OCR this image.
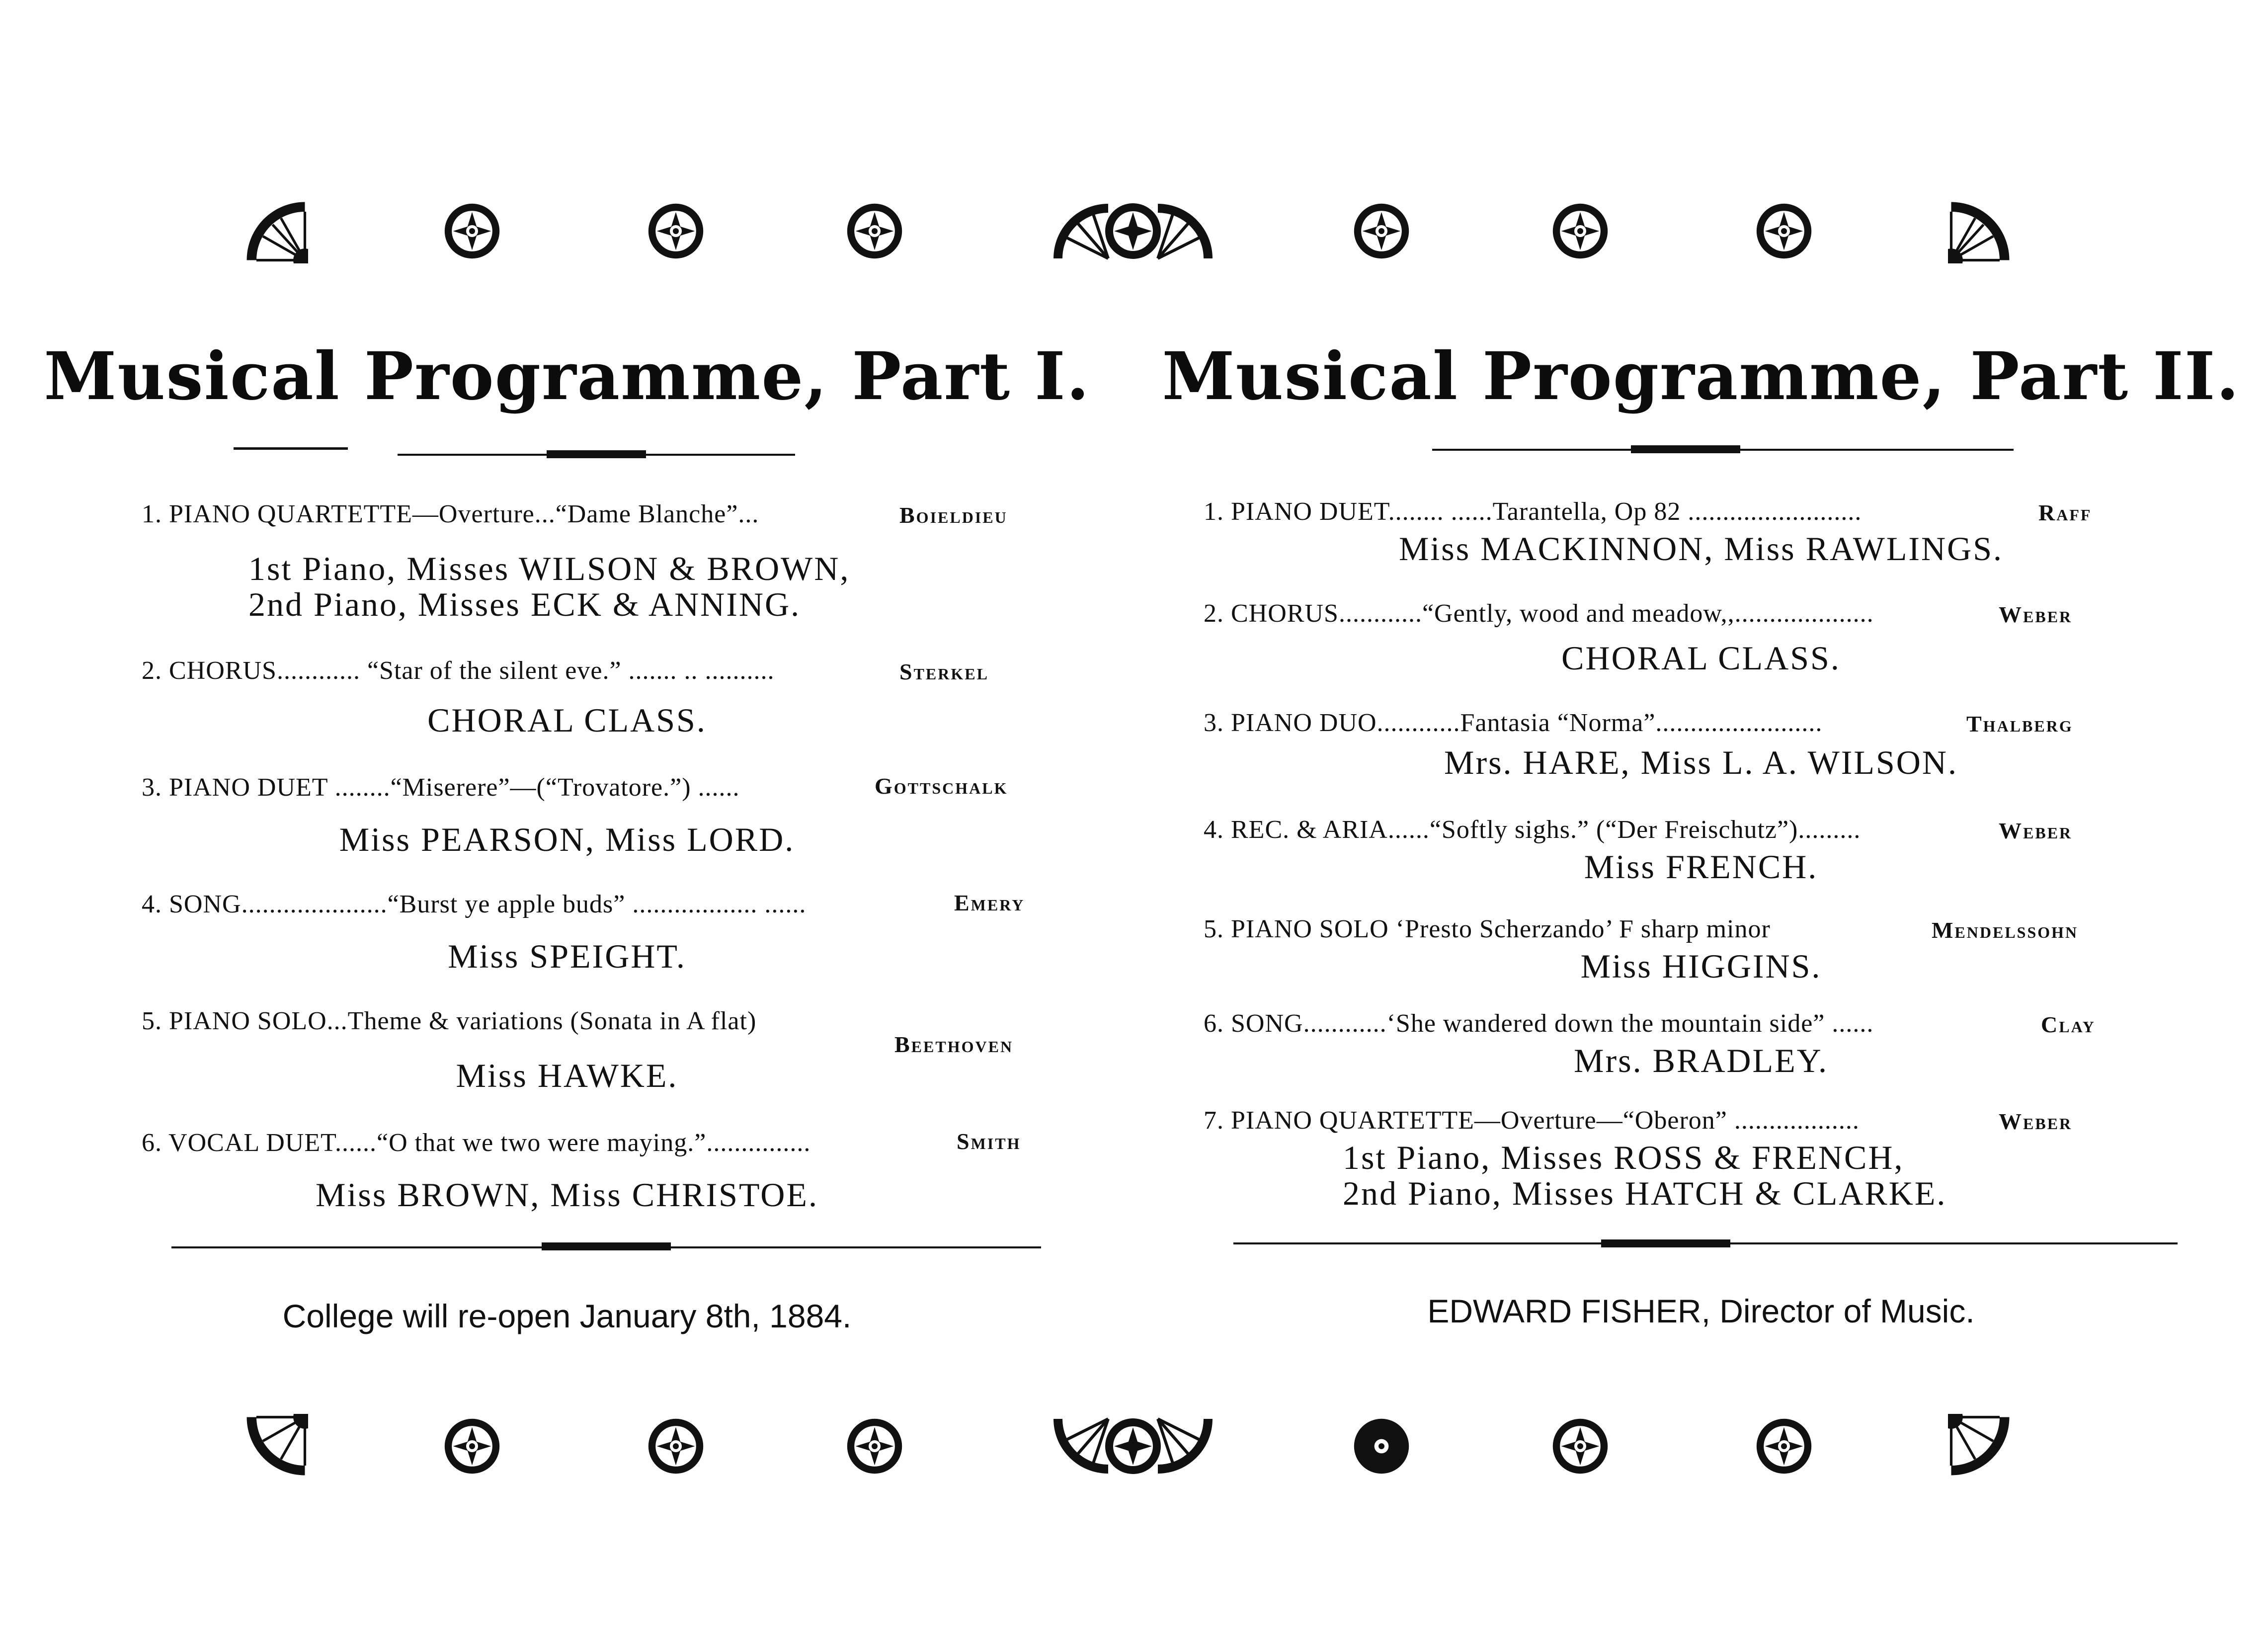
Musical Programme, Part I.
1. PIANO QUARTETTE—Overture...“Dame Blanche”...	Boieldieu
1st Piano, Misses WILSON & BROWN,
2nd Piano, Misses ECK & ANNING.
2. CHORUS............ “Star of the silent eve.” ....... .. ..........	Sterkel
CHORAL CLASS.
3. PIANO DUET ........“Miserere”—(“Trovatore.”) ......	Gottschalk
Miss PEARSON, Miss LORD.
4. SONG.....................“Burst ye apple buds” .................. ......	Emery
Miss SPEIGHT.
5. PIANO SOLO...Theme & variations (Sonata in A flat)
Beethoven
Miss HAWKE.
6. VOCAL DUET......“O that we two were maying.”...............	Smith
Miss BROWN, Miss CHRISTOE.
College will re-open January 8th, 1884.
Musical Programme, Part II.
1. PIANO DUET........ ......Tarantella, Op 82 .........................	Raff
Miss MACKINNON, Miss RAWLINGS.
2. CHORUS............“Gently, wood and meadow,,....................	Weber
CHORAL CLASS.
3. PIANO DUO............Fantasia “Norma”........................	Thalberg
Mrs. HARE, Miss L. A. WILSON.
4. REC. & ARIA......“Softly sighs.” (“Der Freischutz”).........	Weber
Miss FRENCH.
5. PIANO SOLO ‘Presto Scherzando’ F sharp minor	Mendelssohn
Miss HIGGINS.
6. SONG............‘She wandered down the mountain side” ......	Clay
Mrs. BRADLEY.
7. PIANO QUARTETTE—Overture—“Oberon” ..................	Weber
1st Piano, Misses ROSS & FRENCH,
2nd Piano, Misses HATCH & CLARKE.
EDWARD FISHER, Director of Music.
